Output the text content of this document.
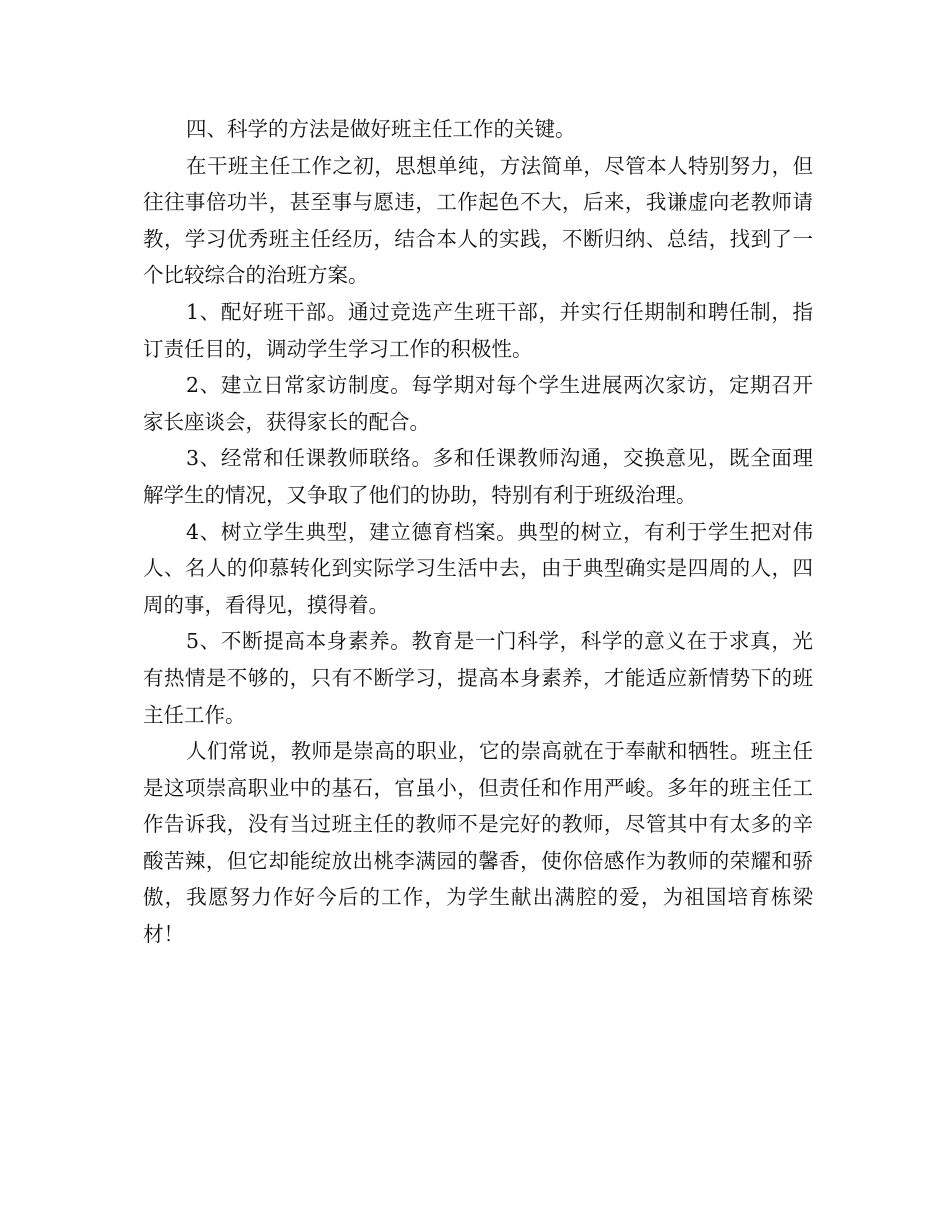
四、科学的方法是做好班主任工作的关键。

在干班主任工作之初，思想单纯，方法简单，尽管本人特别努力，但往往事倍功半，甚至事与愿违，工作起色不大，后来，我谦虚向老教师请教，学习优秀班主任经历，结合本人的实践，不断归纳、总结，找到了一个比较综合的治班方案。

1、配好班干部。通过竞选产生班干部，并实行任期制和聘任制，指订责任目的，调动学生学习工作的积极性。

2、建立日常家访制度。每学期对每个学生进展两次家访，定期召开家长座谈会，获得家长的配合。

3、经常和任课教师联络。多和任课教师沟通，交换意见，既全面理解学生的情况，又争取了他们的协助，特别有利于班级治理。

4、树立学生典型，建立德育档案。典型的树立，有利于学生把对伟人、名人的仰慕转化到实际学习生活中去，由于典型确实是四周的人，四周的事，看得见，摸得着。

5、不断提高本身素养。教育是一门科学，科学的意义在于求真，光有热情是不够的，只有不断学习，提高本身素养，才能适应新情势下的班主任工作。

人们常说，教师是崇高的职业，它的崇高就在于奉献和牺牲。班主任是这项崇高职业中的基石，官虽小，但责任和作用严峻。多年的班主任工作告诉我，没有当过班主任的教师不是完好的教师，尽管其中有太多的辛酸苦辣，但它却能绽放出桃李满园的馨香，使你倍感作为教师的荣耀和骄傲，我愿努力作好今后的工作，为学生献出满腔的爱，为祖国培育栋梁材！
